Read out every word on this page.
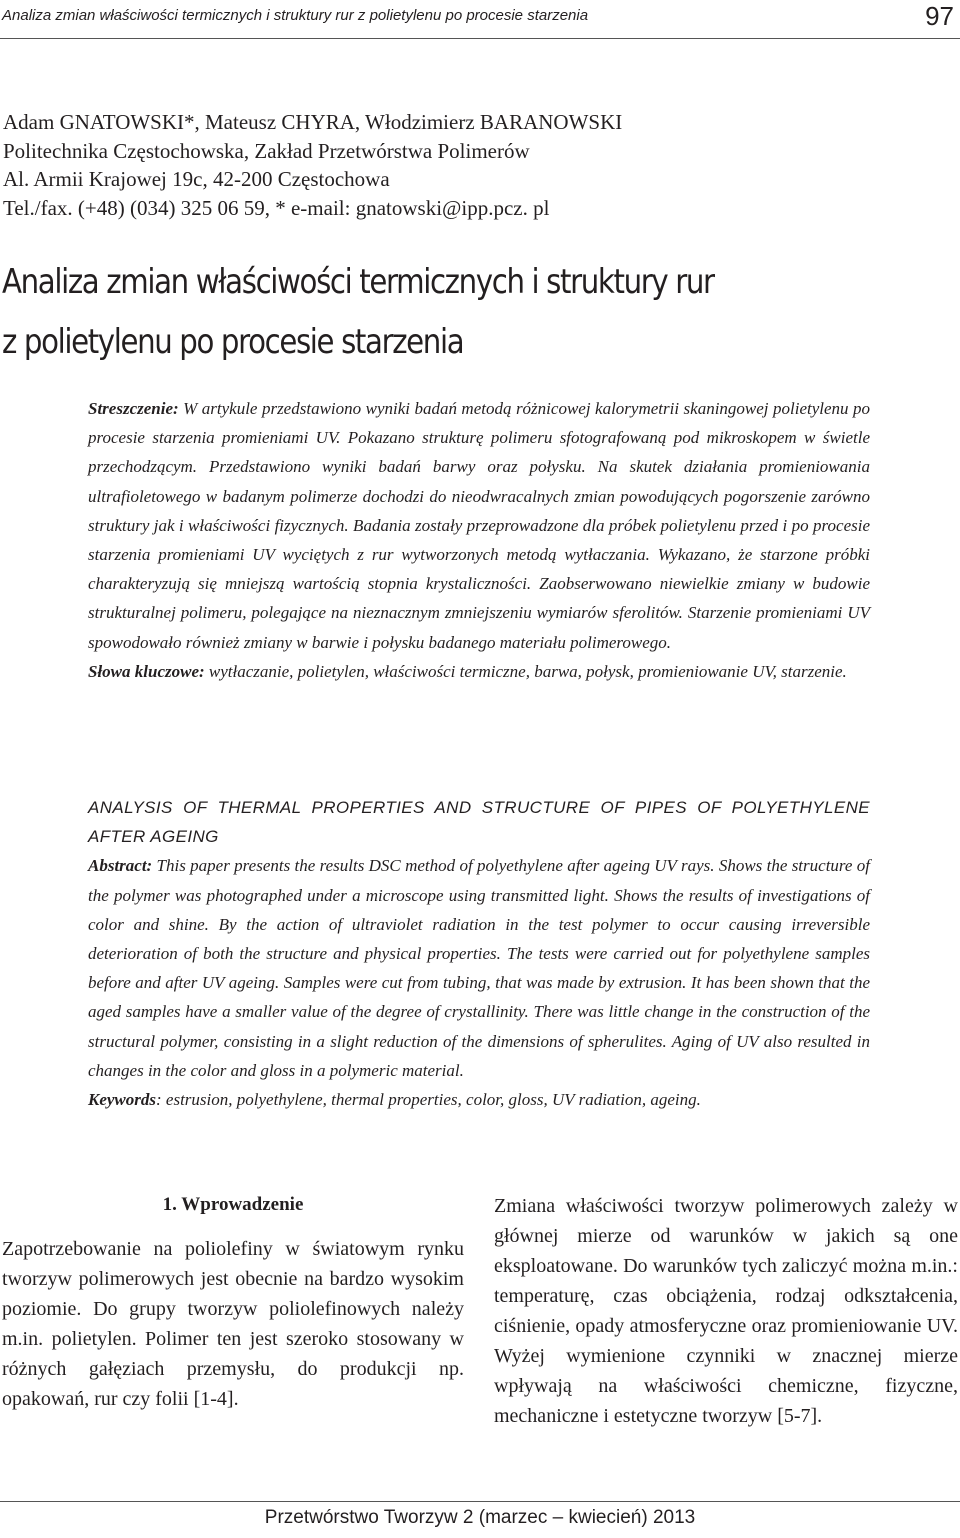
Analiza zmian właściwości termicznych i struktury rur z polietylenu po procesie starzenia	97
Adam GNATOWSKI*, Mateusz CHYRA, Włodzimierz BARANOWSKI
Politechnika Częstochowska, Zakład Przetwórstwa Polimerów
Al. Armii Krajowej 19c, 42-200 Częstochowa
Tel./fax. (+48) (034) 325 06 59, * e-mail: gnatowski@ipp.pcz. pl
Analiza zmian właściwości termicznych i struktury rur
z polietylenu po procesie starzenia

Streszczenie: W artykule przedstawiono wyniki badań metodą różnicowej kalorymetrii skaningowej polietylenu po procesie starzenia promieniami UV. Pokazano strukturę polimeru sfotografowaną pod mikroskopem w świetle przechodzącym. Przedstawiono wyniki badań barwy oraz połysku. Na skutek działania promieniowania ultrafioletowego w badanym polimerze dochodzi do nieodwracalnych zmian powodujących pogorszenie zarówno struktury jak i właściwości fizycznych. Badania zostały przeprowadzone dla próbek polietylenu przed i po procesie starzenia promieniami UV wyciętych z rur wytworzonych metodą wytłaczania. Wykazano, że starzone próbki charakteryzują się mniejszą wartością stopnia krystaliczności. Zaobserwowano niewielkie zmiany w budowie strukturalnej polimeru, polegające na nieznacznym zmniejszeniu wymiarów sferolitów. Starzenie promieniami UV spowodowało również zmiany w barwie i połysku badanego materiału polimerowego.

Słowa kluczowe: wytłaczanie, polietylen, właściwości termiczne, barwa, połysk, promieniowanie UV, starzenie.

ANALYSIS OF THERMAL PROPERTIES AND STRUCTURE OF PIPES OF POLYETHYLENE AFTER AGEING

Abstract: This paper presents the results DSC method of polyethylene after ageing UV rays. Shows the structure of the polymer was photographed under a microscope using transmitted light. Shows the results of investigations of color and shine. By the action of ultraviolet radiation in the test polymer to occur causing irreversible deterioration of both the structure and physical properties. The tests were carried out for polyethylene samples before and after UV ageing. Samples were cut from tubing, that was made by extrusion. It has been shown that the aged samples have a smaller value of the degree of crystallinity. There was little change in the construction of the structural polymer, consisting in a slight reduction of the dimensions of spherulites. Aging of UV also resulted in changes in the color and gloss in a polymeric material.

Keywords: estrusion, polyethylene, thermal properties, color, gloss, UV radiation, ageing.

1. Wprowadzenie

Zapotrzebowanie na poliolefiny w światowym rynku tworzyw polimerowych jest obecnie na bardzo wysokim poziomie. Do grupy tworzyw poliolefinowych należy m.in. polietylen. Polimer ten jest szeroko stosowany w różnych gałęziach przemysłu, do produkcji np. opakowań, rur czy folii [1-4].

Zmiana właściwości tworzyw polimerowych zależy w głównej mierze od warunków w jakich są one eksploatowane. Do warunków tych zaliczyć można m.in.: temperaturę, czas obciążenia, rodzaj odkształcenia, ciśnienie, opady atmosferyczne oraz promieniowanie UV. Wyżej wymienione czynniki w znacznej mierze wpływają na właściwości chemiczne, fizyczne, mechaniczne i estetyczne tworzyw [5-7].

Przetwórstwo Tworzyw 2 (marzec – kwiecień) 2013
